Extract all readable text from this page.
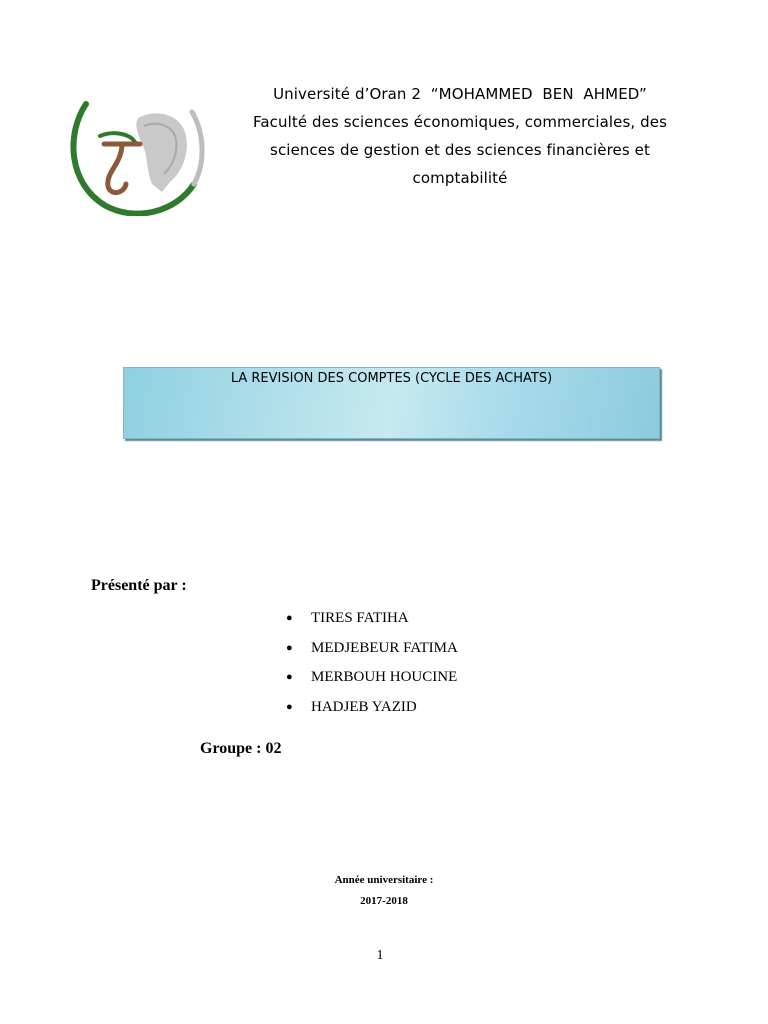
Université d’Oran 2  “MOHAMMED  BEN  AHMED”
Faculté des sciences économiques, commerciales, des
sciences de gestion et des sciences financières et
comptabilité
LA REVISION DES COMPTES (CYCLE DES ACHATS)
Présenté par :
● TIRES FATIHA
● MEDJEBEUR FATIMA
● MERBOUH HOUCINE
● HADJEB YAZID
Groupe : 02
Année universitaire :
2017-2018
1
